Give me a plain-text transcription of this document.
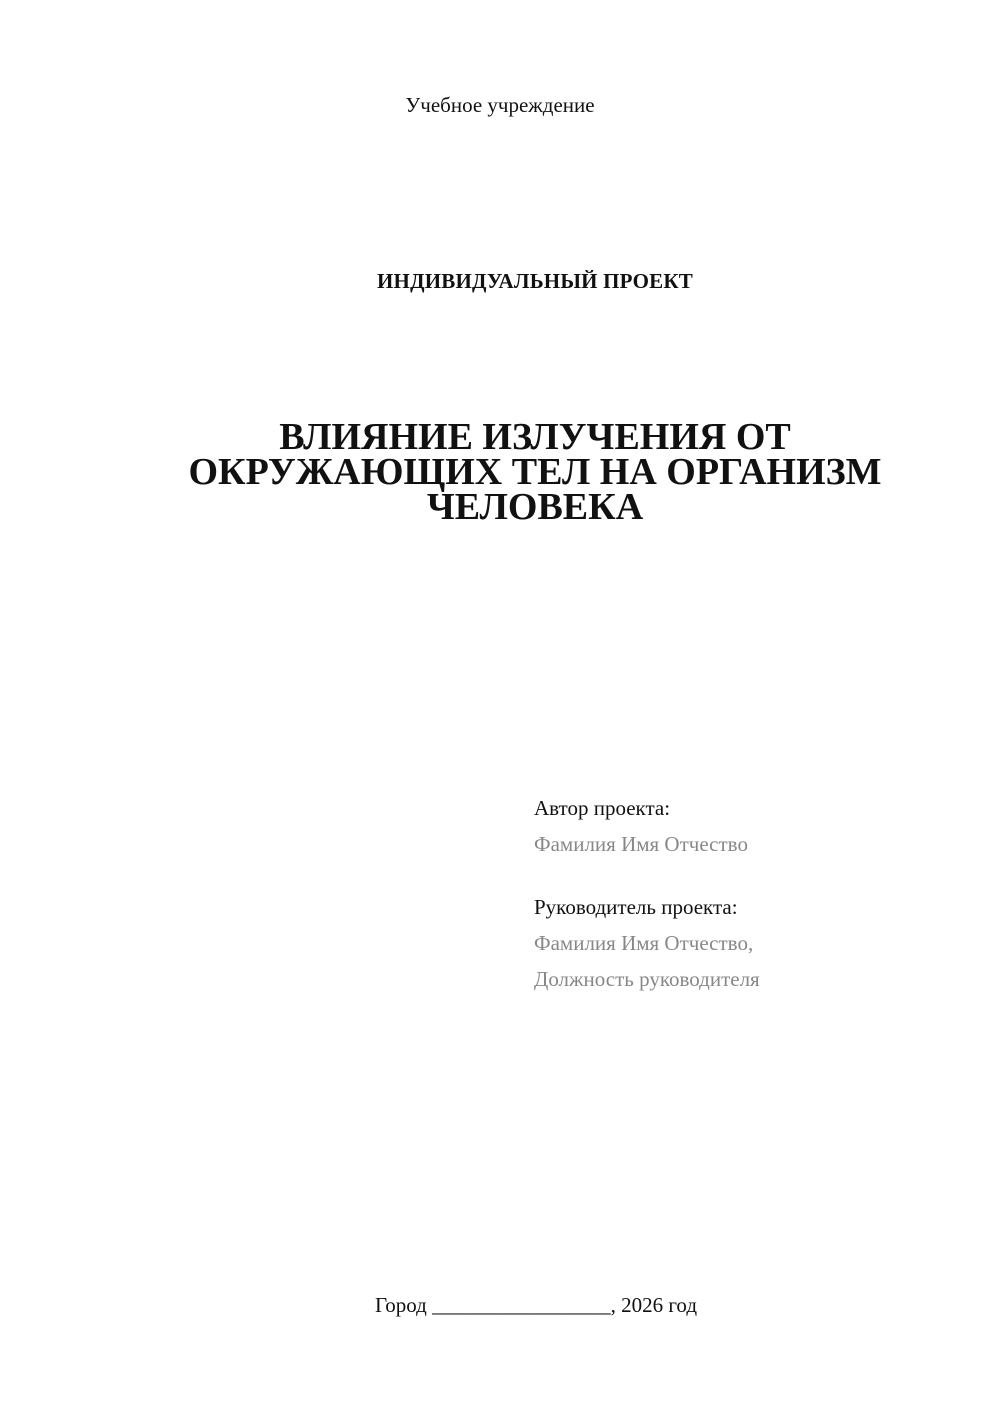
Учебное учреждение
ИНДИВИДУАЛЬНЫЙ ПРОЕКТ
ВЛИЯНИЕ ИЗЛУЧЕНИЯ ОТ
ОКРУЖАЮЩИХ ТЕЛ НА ОРГАНИЗМ
ЧЕЛОВЕКА
Автор проекта:
Фамилия Имя Отчество
Руководитель проекта:
Фамилия Имя Отчество,
Должность руководителя
Город _________________, 2026 год
